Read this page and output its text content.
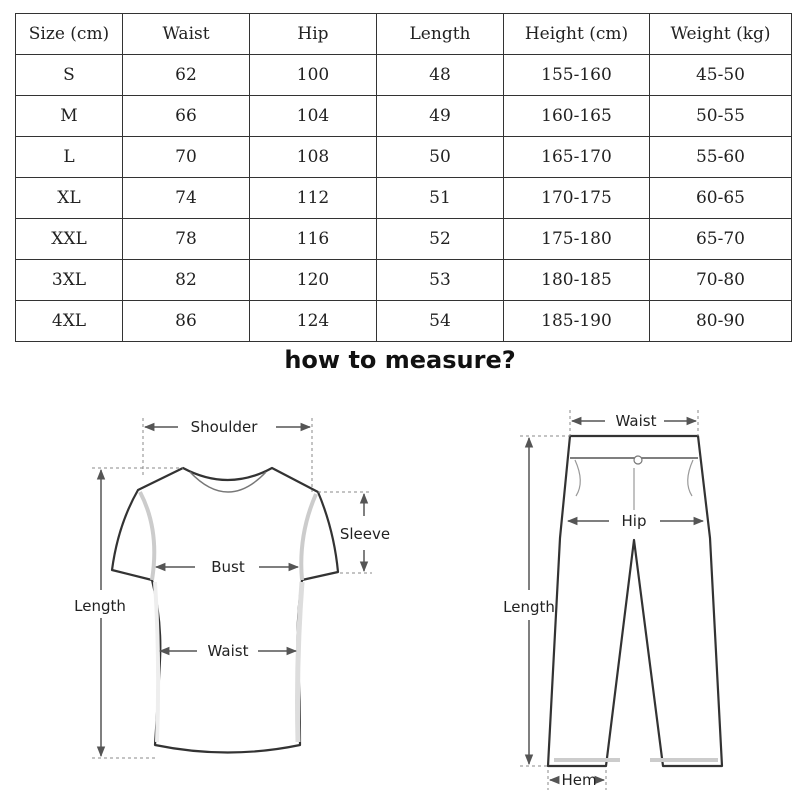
Size (cm)	Waist	Hip	Length	Height (cm)	Weight (kg)
S	62	100	48	155-160	45-50
M	66	104	49	160-165	50-55
L	70	108	50	165-170	55-60
XL	74	112	51	170-175	60-65
XXL	78	116	52	175-180	65-70
3XL	82	120	53	180-185	70-80
4XL	86	124	54	185-190	80-90
how to measure?
Shoulder
Sleeve
Length
Bust
Waist
Waist
Hip
Length
Hem
